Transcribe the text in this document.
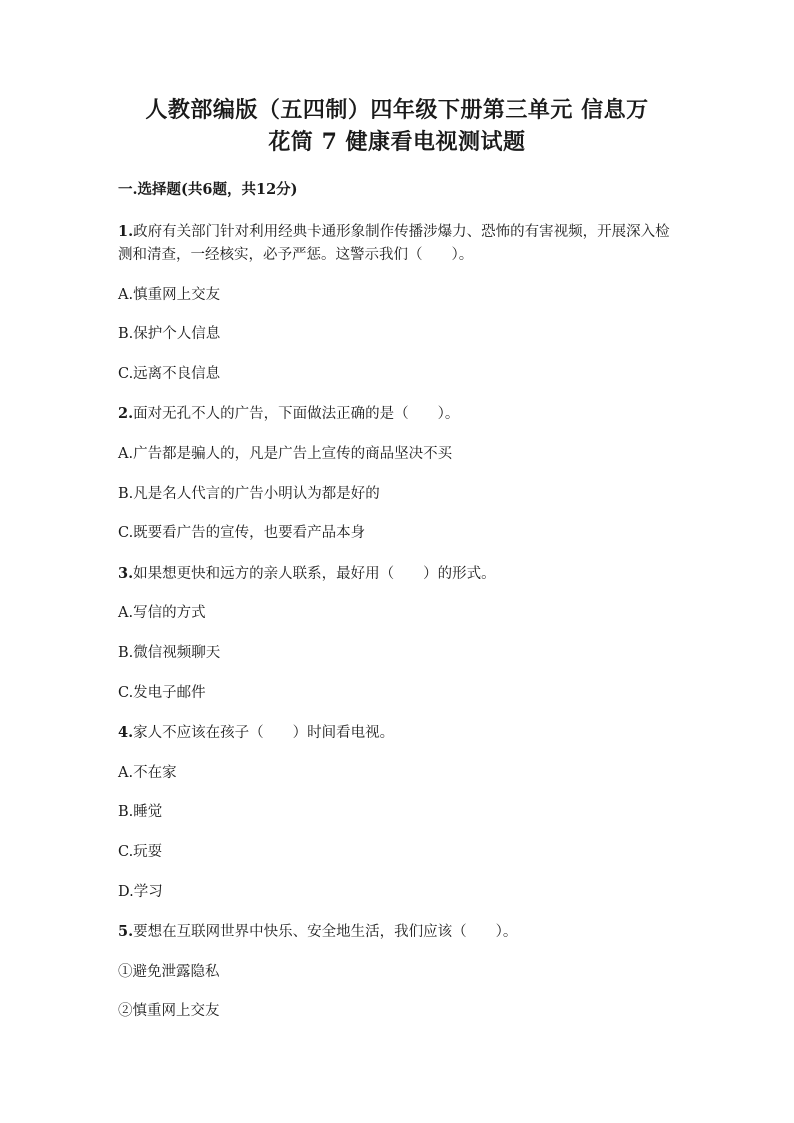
人教部编版（五四制）四年级下册第三单元 信息万
花筒 7 健康看电视测试题
一.选择题(共6题，共12分)
1.政府有关部门针对利用经典卡通形象制作传播涉爆力、恐怖的有害视频，开展深入检测和清查，一经核实，必予严惩。这警示我们（　　）。
A.慎重网上交友
B.保护个人信息
C.远离不良信息
2.面对无孔不人的广告，下面做法正确的是（　　）。
A.广告都是骗人的，凡是广告上宣传的商品坚决不买
B.凡是名人代言的广告小明认为都是好的
C.既要看广告的宣传，也要看产品本身
3.如果想更快和远方的亲人联系，最好用（　　）的形式。
A.写信的方式
B.微信视频聊天
C.发电子邮件
4.家人不应该在孩子（　　）时间看电视。
A.不在家
B.睡觉
C.玩耍
D.学习
5.要想在互联网世界中快乐、安全地生活，我们应该（　　）。
①避免泄露隐私
②慎重网上交友
